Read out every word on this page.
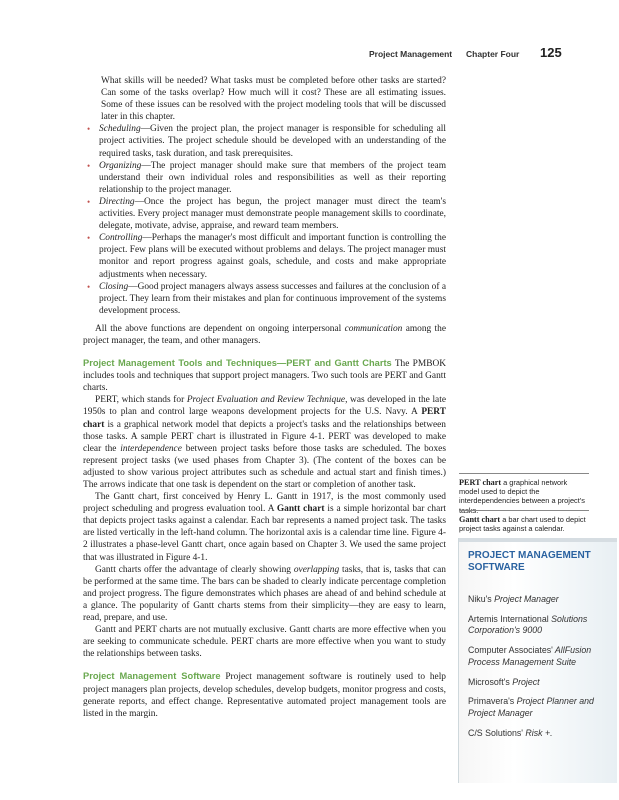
Project Management Chapter Four 125

What skills will be needed? What tasks must be completed before other tasks are started? Can some of the tasks overlap? How much will it cost? These are all estimating issues. Some of these issues can be resolved with the project modeling tools that will be discussed later in this chapter.

• Scheduling—Given the project plan, the project manager is responsible for scheduling all project activities. The project schedule should be developed with an understanding of the required tasks, task duration, and task prerequisites.
• Organizing—The project manager should make sure that members of the project team understand their own individual roles and responsibilities as well as their reporting relationship to the project manager.
• Directing—Once the project has begun, the project manager must direct the team's activities. Every project manager must demonstrate people management skills to coordinate, delegate, motivate, advise, appraise, and reward team members.
• Controlling—Perhaps the manager's most difficult and important function is controlling the project. Few plans will be executed without problems and delays. The project manager must monitor and report progress against goals, schedule, and costs and make appropriate adjustments when necessary.
• Closing—Good project managers always assess successes and failures at the conclusion of a project. They learn from their mistakes and plan for continuous improvement of the systems development process.

All the above functions are dependent on ongoing interpersonal communication among the project manager, the team, and other managers.

Project Management Tools and Techniques—PERT and Gantt Charts The PMBOK includes tools and techniques that support project managers. Two such tools are PERT and Gantt charts.

PERT, which stands for Project Evaluation and Review Technique, was developed in the late 1950s to plan and control large weapons development projects for the U.S. Navy. A PERT chart is a graphical network model that depicts a project's tasks and the relationships between those tasks. A sample PERT chart is illustrated in Figure 4-1. PERT was developed to make clear the interdependence between project tasks before those tasks are scheduled. The boxes represent project tasks (we used phases from Chapter 3). (The content of the boxes can be adjusted to show various project attributes such as schedule and actual start and finish times.) The arrows indicate that one task is dependent on the start or completion of another task.

The Gantt chart, first conceived by Henry L. Gantt in 1917, is the most commonly used project scheduling and progress evaluation tool. A Gantt chart is a simple horizontal bar chart that depicts project tasks against a calendar. Each bar represents a named project task. The tasks are listed vertically in the left-hand column. The horizontal axis is a calendar time line. Figure 4-2 illustrates a phase-level Gantt chart, once again based on Chapter 3. We used the same project that was illustrated in Figure 4-1.

Gantt charts offer the advantage of clearly showing overlapping tasks, that is, tasks that can be performed at the same time. The bars can be shaded to clearly indicate percentage completion and project progress. The figure demonstrates which phases are ahead of and behind schedule at a glance. The popularity of Gantt charts stems from their simplicity—they are easy to learn, read, prepare, and use.

Gantt and PERT charts are not mutually exclusive. Gantt charts are more effective when you are seeking to communicate schedule. PERT charts are more effective when you want to study the relationships between tasks.

Project Management Software Project management software is routinely used to help project managers plan projects, develop schedules, develop budgets, monitor progress and costs, generate reports, and effect change. Representative automated project management tools are listed in the margin.

PERT chart a graphical network model used to depict the interdependencies between a project's tasks.
Gantt chart a bar chart used to depict project tasks against a calendar.
PROJECT MANAGEMENT SOFTWARE
Niku's Project Manager
Artemis International Solutions Corporation's 9000
Computer Associates' AllFusion Process Management Suite
Microsoft's Project
Primavera's Project Planner and Project Manager
C/S Solutions' Risk +.
